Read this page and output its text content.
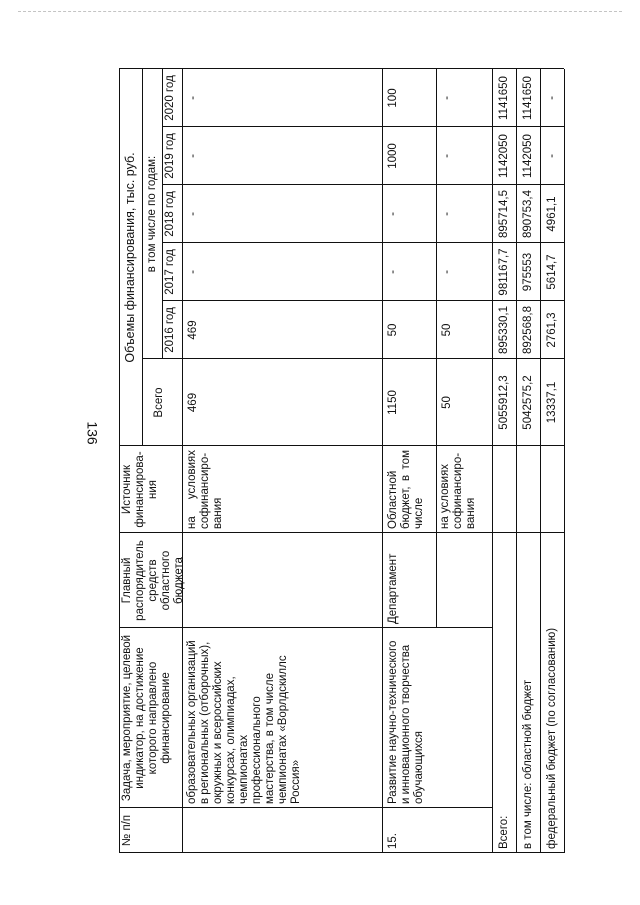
136
№ п/п
Задача, мероприятие, целевой индикатор, на достижение которого направлено финансирование
Главный распорядитель средств областного бюджета
Источник финансирова-ния
Объемы финансирования, тыс. руб.
Всего
в том числе по годам:
2016 год
2017 год
2018 год
2019 год
2020 год
образовательных организаций в региональных (отборочных), окружных и всероссийских конкурсах, олимпиадах, чемпионатах профессионального мастерства, в том числе чемпионатах «Ворлдскиллс Россия»
на условиях софинансиро-вания
469
469
-
-
-
-
15.
Развитие научно-технического и инновационного творчества обучающихся
Департамент
Областной бюджет, в том числе
1150
50
-
-
1000
100
на условиях софинансиро-вания
50
50
-
-
-
-
Всего:
5055912,3
895330,1
981167,7
895714,5
1142050
1141650
в том числе: областной бюджет
5042575,2
892568,8
975553
890753,4
1142050
1141650
федеральный бюджет (по согласованию)
13337,1
2761,3
5614,7
4961,1
-
-
